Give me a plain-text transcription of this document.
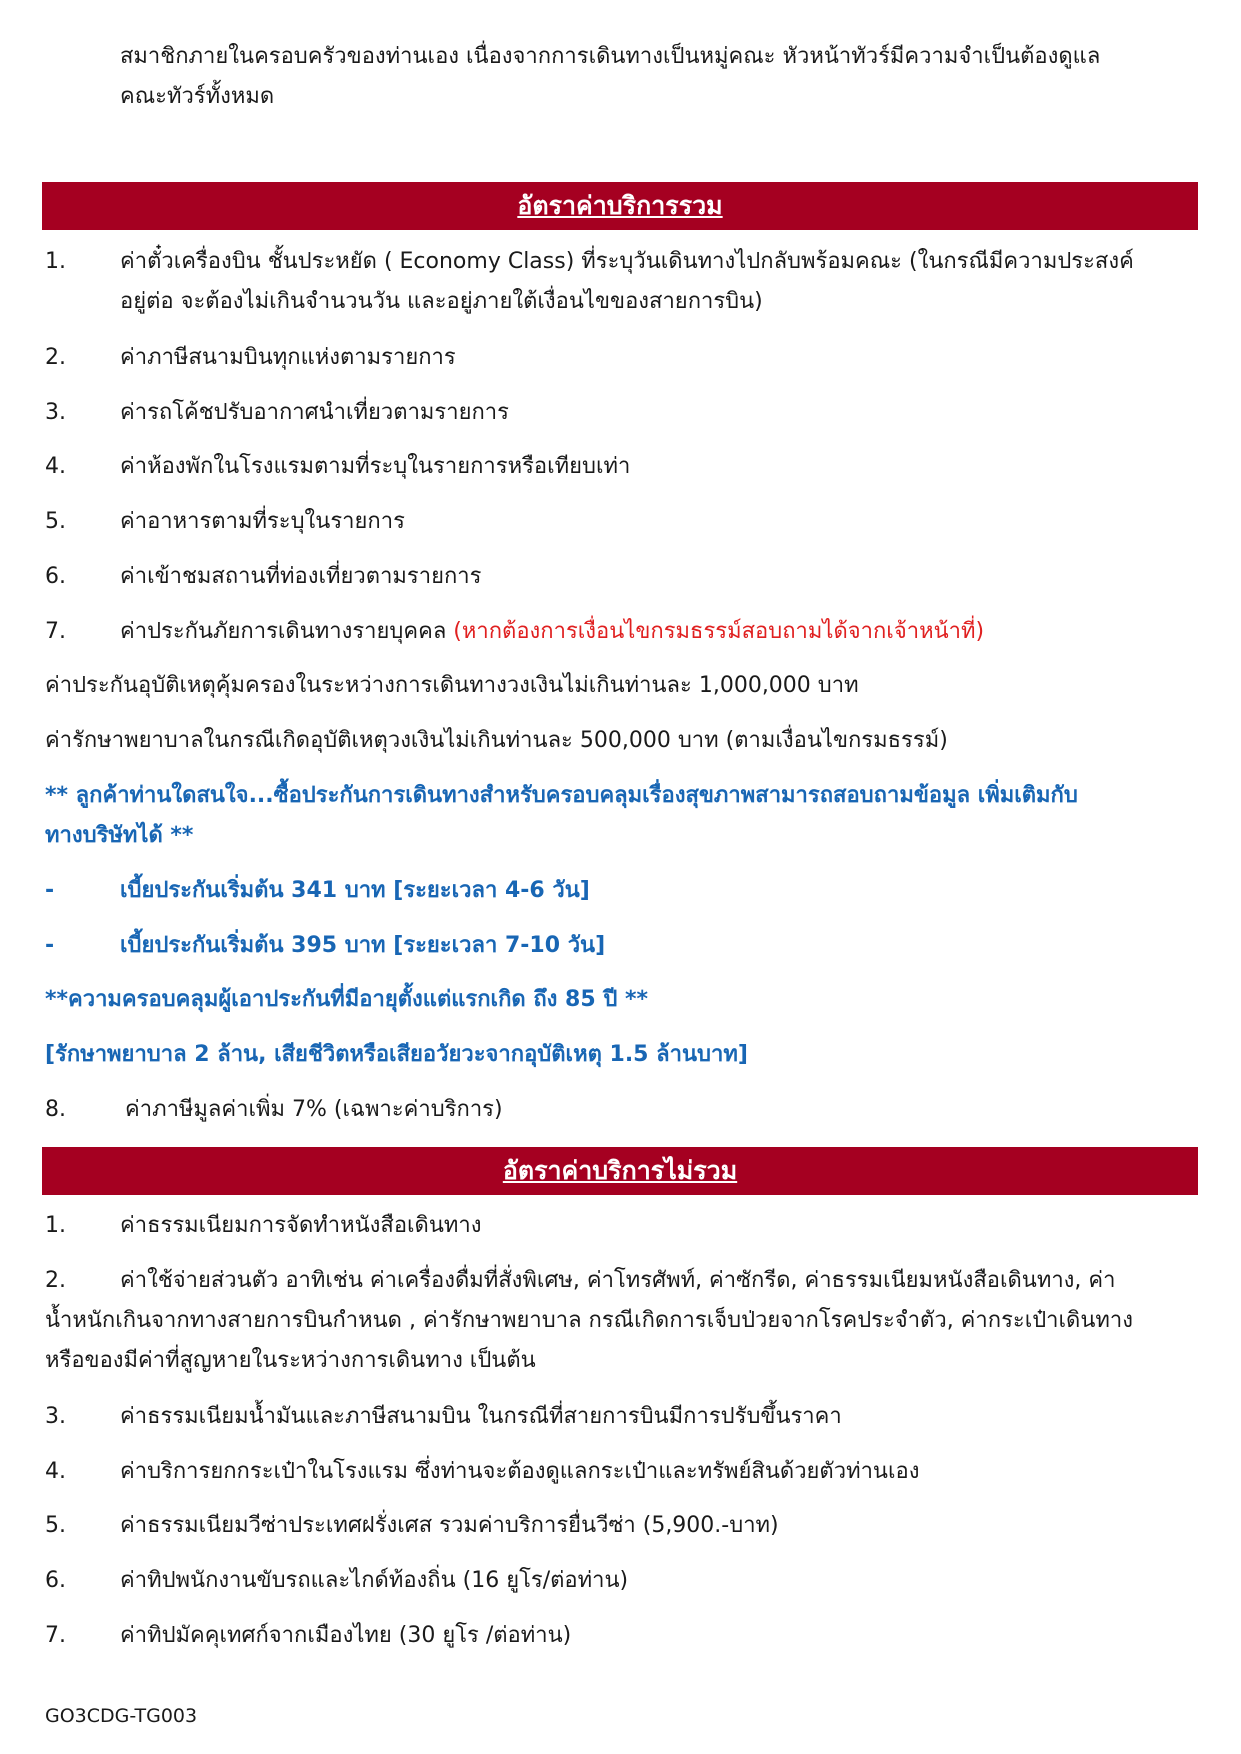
สมาชิกภายในครอบครัวของท่านเอง เนื่องจากการเดินทางเป็นหมู่คณะ หัวหน้าทัวร์มีความจำเป็นต้องดูแล
คณะทัวร์ทั้งหมด
อัตราค่าบริการรวม
1. ค่าตั๋วเครื่องบิน ชั้นประหยัด ( Economy Class) ที่ระบุวันเดินทางไปกลับพร้อมคณะ (ในกรณีมีความประสงค์
อยู่ต่อ จะต้องไม่เกินจำนวนวัน และอยู่ภายใต้เงื่อนไขของสายการบิน)
2. ค่าภาษีสนามบินทุกแห่งตามรายการ
3. ค่ารถโค้ชปรับอากาศนำเที่ยวตามรายการ
4. ค่าห้องพักในโรงแรมตามที่ระบุในรายการหรือเทียบเท่า
5. ค่าอาหารตามที่ระบุในรายการ
6. ค่าเข้าชมสถานที่ท่องเที่ยวตามรายการ
7. ค่าประกันภัยการเดินทางรายบุคคล (หากต้องการเงื่อนไขกรมธรรม์สอบถามได้จากเจ้าหน้าที่)
ค่าประกันอุบัติเหตุคุ้มครองในระหว่างการเดินทางวงเงินไม่เกินท่านละ 1,000,000 บาท
ค่ารักษาพยาบาลในกรณีเกิดอุบัติเหตุวงเงินไม่เกินท่านละ 500,000 บาท (ตามเงื่อนไขกรมธรรม์)
** ลูกค้าท่านใดสนใจ...ซื้อประกันการเดินทางสำหรับครอบคลุมเรื่องสุขภาพสามารถสอบถามข้อมูล เพิ่มเติมกับ
ทางบริษัทได้ **
-	เบี้ยประกันเริ่มต้น 341 บาท [ระยะเวลา 4-6 วัน]
-	เบี้ยประกันเริ่มต้น 395 บาท [ระยะเวลา 7-10 วัน]
**ความครอบคลุมผู้เอาประกันที่มีอายุตั้งแต่แรกเกิด ถึง 85 ปี **
[รักษาพยาบาล 2 ล้าน, เสียชีวิตหรือเสียอวัยวะจากอุบัติเหตุ 1.5 ล้านบาท]
8.	ค่าภาษีมูลค่าเพิ่ม 7% (เฉพาะค่าบริการ)
อัตราค่าบริการไม่รวม
1. ค่าธรรมเนียมการจัดทำหนังสือเดินทาง
2. ค่าใช้จ่ายส่วนตัว อาทิเช่น ค่าเครื่องดื่มที่สั่งพิเศษ, ค่าโทรศัพท์, ค่าซักรีด, ค่าธรรมเนียมหนังสือเดินทาง, ค่า
น้ำหนักเกินจากทางสายการบินกำหนด , ค่ารักษาพยาบาล กรณีเกิดการเจ็บป่วยจากโรคประจำตัว, ค่ากระเป๋าเดินทาง
หรือของมีค่าที่สูญหายในระหว่างการเดินทาง เป็นต้น
3. ค่าธรรมเนียมน้ำมันและภาษีสนามบิน ในกรณีที่สายการบินมีการปรับขึ้นราคา
4. ค่าบริการยกกระเป๋าในโรงแรม ซึ่งท่านจะต้องดูแลกระเป๋าและทรัพย์สินด้วยตัวท่านเอง
5. ค่าธรรมเนียมวีซ่าประเทศฝรั่งเศส รวมค่าบริการยื่นวีซ่า (5,900.-บาท)
6. ค่าทิปพนักงานขับรถและไกด์ท้องถิ่น (16 ยูโร/ต่อท่าน)
7. ค่าทิปมัคคุเทศก์จากเมืองไทย (30 ยูโร /ต่อท่าน)
GO3CDG-TG003
